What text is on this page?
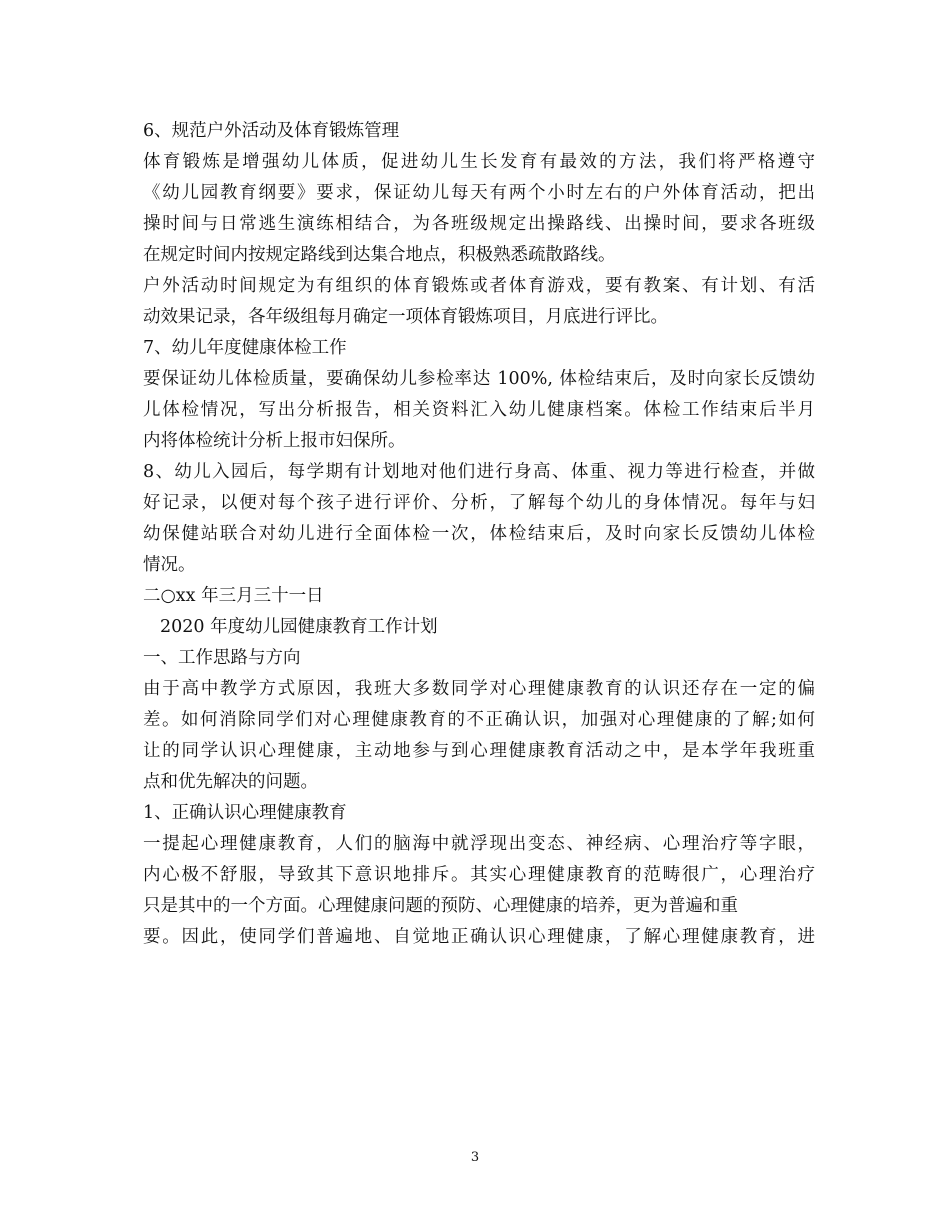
6、规范户外活动及体育锻炼管理
体育锻炼是增强幼儿体质，促进幼儿生长发育有最效的方法，我们将严格遵守
《幼儿园教育纲要》要求，保证幼儿每天有两个小时左右的户外体育活动，把出
操时间与日常逃生演练相结合，为各班级规定出操路线、出操时间，要求各班级
在规定时间内按规定路线到达集合地点，积极熟悉疏散路线。
户外活动时间规定为有组织的体育锻炼或者体育游戏，要有教案、有计划、有活
动效果记录，各年级组每月确定一项体育锻炼项目，月底进行评比。
7、幼儿年度健康体检工作
要保证幼儿体检质量，要确保幼儿参检率达 100%, 体检结束后，及时向家长反馈幼
儿体检情况，写出分析报告，相关资料汇入幼儿健康档案。体检工作结束后半月
内将体检统计分析上报市妇保所。
8、幼儿入园后，每学期有计划地对他们进行身高、体重、视力等进行检查，并做
好记录，以便对每个孩子进行评价、分析，了解每个幼儿的身体情况。每年与妇
幼保健站联合对幼儿进行全面体检一次，体检结束后，及时向家长反馈幼儿体检
情况。
二○xx 年三月三十一日
2020 年度幼儿园健康教育工作计划
一、工作思路与方向
由于高中教学方式原因，我班大多数同学对心理健康教育的认识还存在一定的偏
差。如何消除同学们对心理健康教育的不正确认识，加强对心理健康的了解;如何
让的同学认识心理健康，主动地参与到心理健康教育活动之中，是本学年我班重
点和优先解决的问题。
1、正确认识心理健康教育
一提起心理健康教育，人们的脑海中就浮现出变态、神经病、心理治疗等字眼，
内心极不舒服，导致其下意识地排斥。其实心理健康教育的范畴很广，心理治疗
只是其中的一个方面。心理健康问题的预防、心理健康的培养，更为普遍和重
要。因此，使同学们普遍地、自觉地正确认识心理健康，了解心理健康教育，进
3
